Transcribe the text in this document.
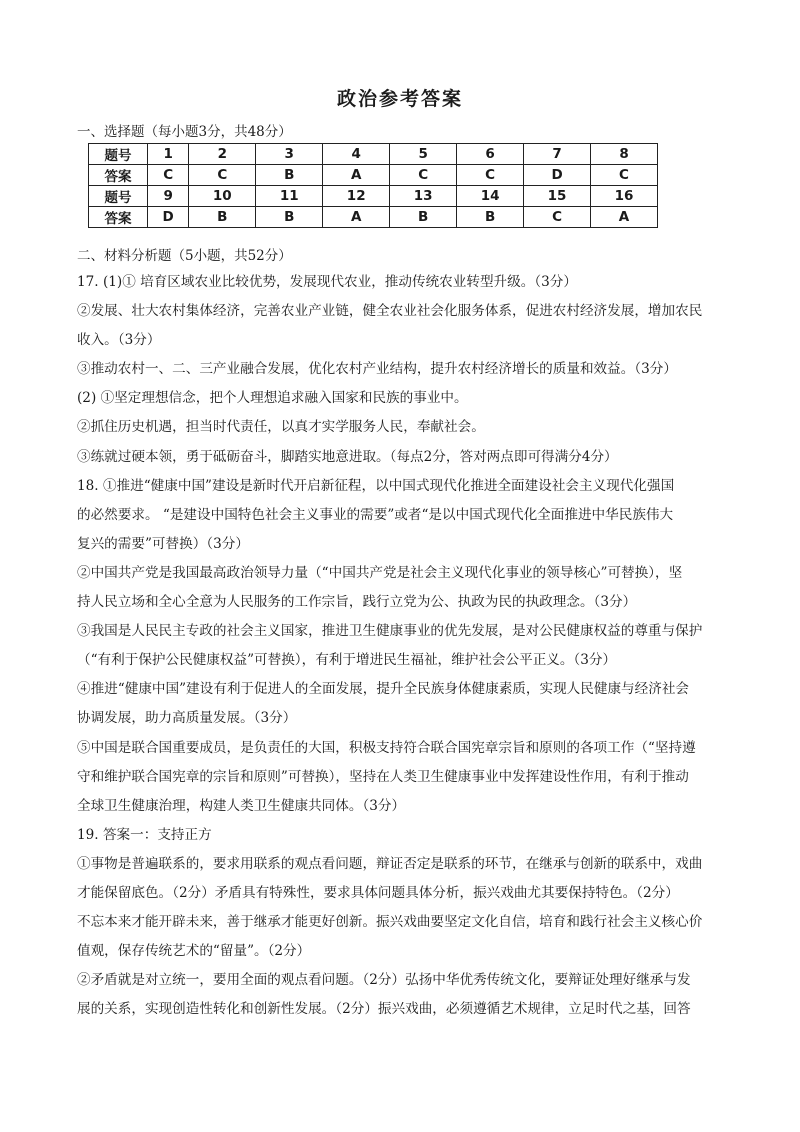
政治参考答案
一、选择题（每小题3分，共48分）
题号	1	2	3	4	5	6	7	8
答案	C	C	B	A	C	C	D	C
题号	9	10	11	12	13	14	15	16
答案	D	B	B	A	B	B	C	A
二、材料分析题（5小题，共52分）
17. (1)① 培育区域农业比较优势，发展现代农业，推动传统农业转型升级。（3分）
②发展、壮大农村集体经济，完善农业产业链，健全农业社会化服务体系，促进农村经济发展，增加农民
收入。（3分）
③推动农村一、二、三产业融合发展，优化农村产业结构，提升农村经济增长的质量和效益。（3分）
(2) ①坚定理想信念，把个人理想追求融入国家和民族的事业中。
②抓住历史机遇，担当时代责任，以真才实学服务人民，奉献社会。
③练就过硬本领，勇于砥砺奋斗，脚踏实地意进取。（每点2分，答对两点即可得满分4分）
18. ①推进“健康中国”建设是新时代开启新征程，以中国式现代化推进全面建设社会主义现代化强国
的必然要求。 “是建设中国特色社会主义事业的需要”或者“是以中国式现代化全面推进中华民族伟大
复兴的需要”可替换）（3分）
②中国共产党是我国最高政治领导力量（“中国共产党是社会主义现代化事业的领导核心”可替换），坚
持人民立场和全心全意为人民服务的工作宗旨，践行立党为公、执政为民的执政理念。（3分）
③我国是人民民主专政的社会主义国家，推进卫生健康事业的优先发展，是对公民健康权益的尊重与保护
（“有利于保护公民健康权益”可替换），有利于增进民生福祉，维护社会公平正义。（3分）
④推进“健康中国”建设有利于促进人的全面发展，提升全民族身体健康素质，实现人民健康与经济社会
协调发展，助力高质量发展。（3分）
⑤中国是联合国重要成员，是负责任的大国，积极支持符合联合国宪章宗旨和原则的各项工作（“坚持遵
守和维护联合国宪章的宗旨和原则”可替换），坚持在人类卫生健康事业中发挥建设性作用，有利于推动
全球卫生健康治理，构建人类卫生健康共同体。（3分）
19. 答案一：支持正方
①事物是普遍联系的，要求用联系的观点看问题，辩证否定是联系的环节，在继承与创新的联系中，戏曲
才能保留底色。（2分）矛盾具有特殊性，要求具体问题具体分析，振兴戏曲尤其要保持特色。（2分）
不忘本来才能开辟未来，善于继承才能更好创新。振兴戏曲要坚定文化自信，培育和践行社会主义核心价
值观，保存传统艺术的“留量”。（2分）
②矛盾就是对立统一，要用全面的观点看问题。（2分）弘扬中华优秀传统文化，要辩证处理好继承与发
展的关系，实现创造性转化和创新性发展。（2分）振兴戏曲，必须遵循艺术规律，立足时代之基，回答
